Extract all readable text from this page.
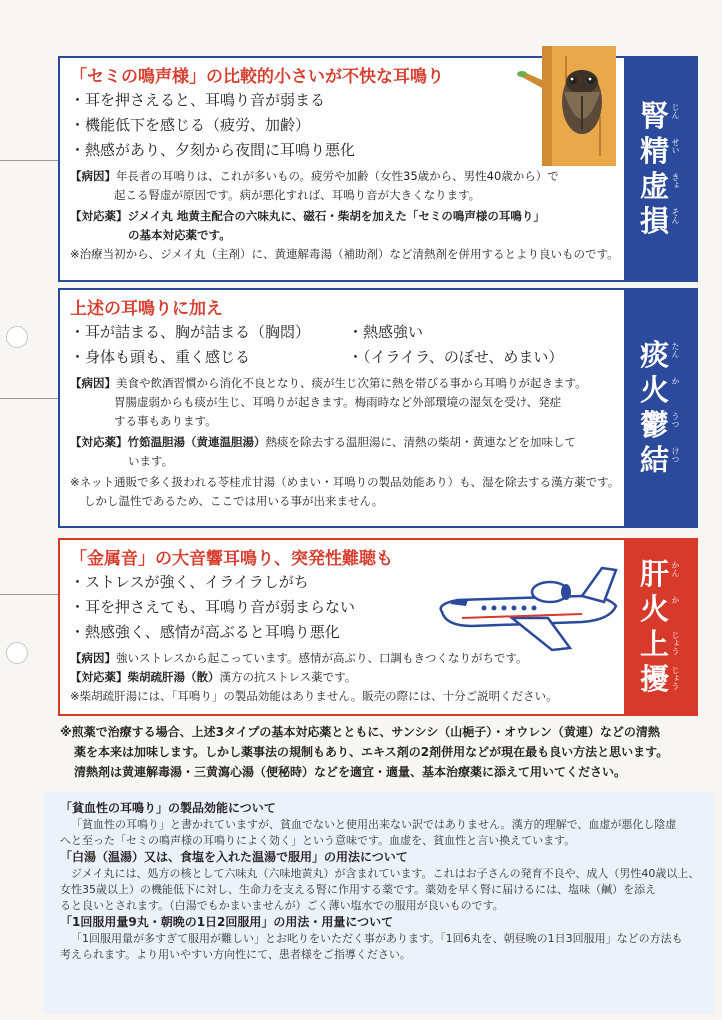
「セミの鳴声様」の比較的小さいが不快な耳鳴り
・耳を押さえると、耳鳴り音が弱まる
・機能低下を感じる（疲労、加齢）
・熱感があり、夕刻から夜間に耳鳴り悪化
【病因】年長者の耳鳴りは、これが多いもの。疲労や加齢（女性35歳から、男性40歳から）で
起こる腎虚が原因です。病が悪化すれば、耳鳴り音が大きくなります。
【対応薬】ジメイ丸 地黄主配合の六味丸に、磁石・柴胡を加えた「セミの鳴声様の耳鳴り」
の基本対応薬です。
※治療当初から、ジメイ丸（主剤）に、黄連解毒湯（補助剤）など清熱剤を併用するとより良いものです。
腎 じん
精 せい
虚 きょ
損 そん
上述の耳鳴りに加え
・耳が詰まる、胸が詰まる（胸悶）	・熱感強い
・身体も頭も、重く感じる	・（イライラ、のぼせ、めまい）
【病因】美食や飲酒習慣から消化不良となり、痰が生じ次第に熱を帯びる事から耳鳴りが起きます。
胃腸虚弱からも痰が生じ、耳鳴りが起きます。梅雨時など外部環境の湿気を受け、発症
する事もあります。
【対応薬】竹筎温胆湯（黄連温胆湯）熱痰を除去する温胆湯に、清熱の柴胡・黄連などを加味して
います。
※ネット通販で多く扱われる苓桂朮甘湯（めまい・耳鳴りの製品効能あり）も、湿を除去する漢方薬です。
しかし温性であるため、ここでは用いる事が出来ません。
痰 たん
火 か
鬱 うつ
結 けつ
「金属音」の大音響耳鳴り、突発性難聴も
・ストレスが強く、イライラしがち
・耳を押さえても、耳鳴り音が弱まらない
・熱感強く、感情が高ぶると耳鳴り悪化
【病因】強いストレスから起こっています。感情が高ぶり、口調もきつくなりがちです。
【対応薬】柴胡疏肝湯（散）漢方の抗ストレス薬です。
※柴胡疏肝湯には、「耳鳴り」の製品効能はありません。販売の際には、十分ご説明ください。
肝 かん
火 か
上 じょう
擾 じょう
※煎薬で治療する場合、上述3タイプの基本対応薬とともに、サンシシ（山梔子）・オウレン（黄連）などの清熱
薬を本来は加味します。しかし薬事法の規制もあり、エキス剤の2剤併用などが現在最も良い方法と思います。
清熱剤は黄連解毒湯・三黄瀉心湯（便秘時）などを適宜・適量、基本治療薬に添えて用いてください。
「貧血性の耳鳴り」の製品効能について

「貧血性の耳鳴り」と書かれていますが、貧血でないと使用出来ない訳ではありません。漢方的理解で、血虚が悪化し陰虚

へと至った「セミの鳴声様の耳鳴りによく効く」という意味です。血虚を、貧血性と言い換えています。

「白湯（温湯）又は、食塩を入れた温湯で服用」の用法について

ジメイ丸には、処方の核として六味丸（六味地黄丸）が含まれています。これはお子さんの発育不良や、成人（男性40歳以上、

女性35歳以上）の機能低下に対し、生命力を支える腎に作用する薬です。薬効を早く腎に届けるには、塩味（鹹）を添え

ると良いとされます。（白湯でもかまいませんが）ごく薄い塩水での服用が良いものです。

「1回服用量9丸・朝晩の1日2回服用」の用法・用量について

「1回服用量が多すぎて服用が難しい」とお叱りをいただく事があります。「1回6丸を、朝昼晩の1日3回服用」などの方法も

考えられます。より用いやすい方向性にて、患者様をご指導ください。
